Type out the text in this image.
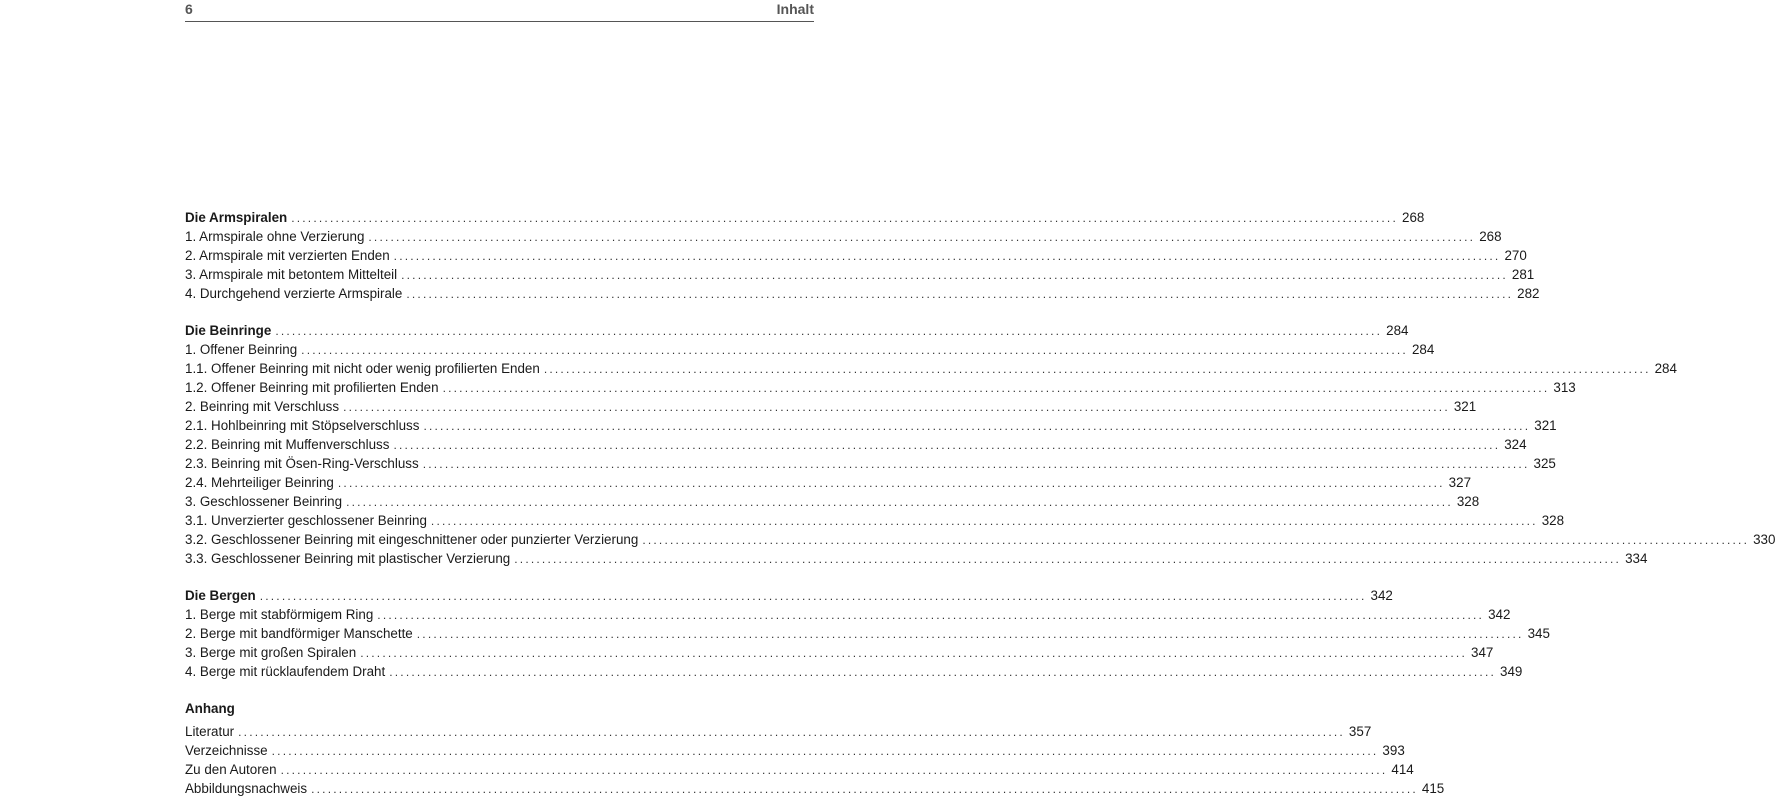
6	Inhalt
Die Armspiralen ........................................................................................................................................................................................................ 268
1. Armspirale ohne Verzierung ........................................................................................................................................................................................................ 268
2. Armspirale mit verzierten Enden ........................................................................................................................................................................................................ 270
3. Armspirale mit betontem Mittelteil ........................................................................................................................................................................................................ 281
4. Durchgehend verzierte Armspirale ........................................................................................................................................................................................................ 282
Die Beinringe ........................................................................................................................................................................................................ 284
1. Offener Beinring ........................................................................................................................................................................................................ 284
1.1. Offener Beinring mit nicht oder wenig profilierten Enden ........................................................................................................................................................................................................ 284
1.2. Offener Beinring mit profilierten Enden ........................................................................................................................................................................................................ 313
2. Beinring mit Verschluss ........................................................................................................................................................................................................ 321
2.1. Hohlbeinring mit Stöpselverschluss ........................................................................................................................................................................................................ 321
2.2. Beinring mit Muffenverschluss ........................................................................................................................................................................................................ 324
2.3. Beinring mit Ösen-Ring-Verschluss ........................................................................................................................................................................................................ 325
2.4. Mehrteiliger Beinring ........................................................................................................................................................................................................ 327
3. Geschlossener Beinring ........................................................................................................................................................................................................ 328
3.1. Unverzierter geschlossener Beinring ........................................................................................................................................................................................................ 328
3.2. Geschlossener Beinring mit eingeschnittener oder punzierter Verzierung ........................................................................................................................................................................................................ 330
3.3. Geschlossener Beinring mit plastischer Verzierung ........................................................................................................................................................................................................ 334
Die Bergen ........................................................................................................................................................................................................ 342
1. Berge mit stabförmigem Ring ........................................................................................................................................................................................................ 342
2. Berge mit bandförmiger Manschette ........................................................................................................................................................................................................ 345
3. Berge mit großen Spiralen ........................................................................................................................................................................................................ 347
4. Berge mit rücklaufendem Draht ........................................................................................................................................................................................................ 349
Anhang
Literatur ........................................................................................................................................................................................................ 357
Verzeichnisse ........................................................................................................................................................................................................ 393
Zu den Autoren ........................................................................................................................................................................................................ 414
Abbildungsnachweis ........................................................................................................................................................................................................ 415
